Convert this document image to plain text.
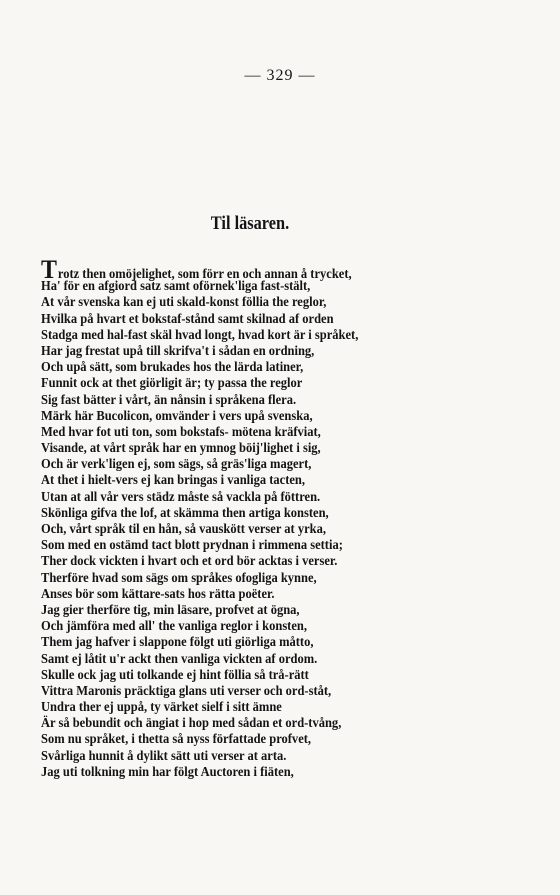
— 329 —
Til läsaren.
Trotz then omöjelighet, som förr en och annan å trycket,
Ha' för en afgiord satz samt oförnek'liga fast-stält,
At vår svenska kan ej uti skald-konst föllia the reglor,
Hvilka på hvart et bokstaf-stånd samt skilnad af orden
Stadga med hal-fast skäl hvad longt, hvad kort är i språket,
Har jag frestat upå till skrifva't i sådan en ordning,
Och upå sätt, som brukades hos the lärda latiner,
Funnit ock at thet giörligit är; ty passa the reglor
Sig fast bätter i vårt, än nånsin i språkena flera.
Märk här Bucolicon, omvänder i vers upå svenska,
Med hvar fot uti ton, som bokstafs- mötena kräfviat,
Visande, at vårt språk har en ymnog böij'lighet i sig,
Och är verk'ligen ej, som sägs, så gräs'liga magert,
At thet i hielt-vers ej kan bringas i vanliga tacten,
Utan at all vår vers städz måste så vackla på föttren.
Skönliga gifva the lof, at skämma then artiga konsten,
Och, vårt språk til en hån, så vauskött verser at yrka,
Som med en ostämd tact blott prydnan i rimmena settia;
Ther dock vickten i hvart och et ord bör acktas i verser.
Therföre hvad som sägs om språkes ofogliga kynne,
Anses bör som kättare-sats hos rätta poëter.
Jag gier therföre tig, min läsare, profvet at ögna,
Och jämföra med all' the vanliga reglor i konsten,
Them jag hafver i slappone fölgt uti giörliga måtto,
Samt ej låtit u'r ackt then vanliga vickten af ordom.
Skulle ock jag uti tolkande ej hint föllia så trå-rätt
Vittra Maronis präcktiga glans uti verser och ord-ståt,
Undra ther ej uppå, ty värket sielf i sitt ämne
Är så bebundit och ängiat i hop med sådan et ord-tvång,
Som nu språket, i thetta så nyss författade profvet,
Svårliga hunnit å dylikt sätt uti verser at arta.
Jag uti tolkning min har fölgt Auctoren i fiäten,
